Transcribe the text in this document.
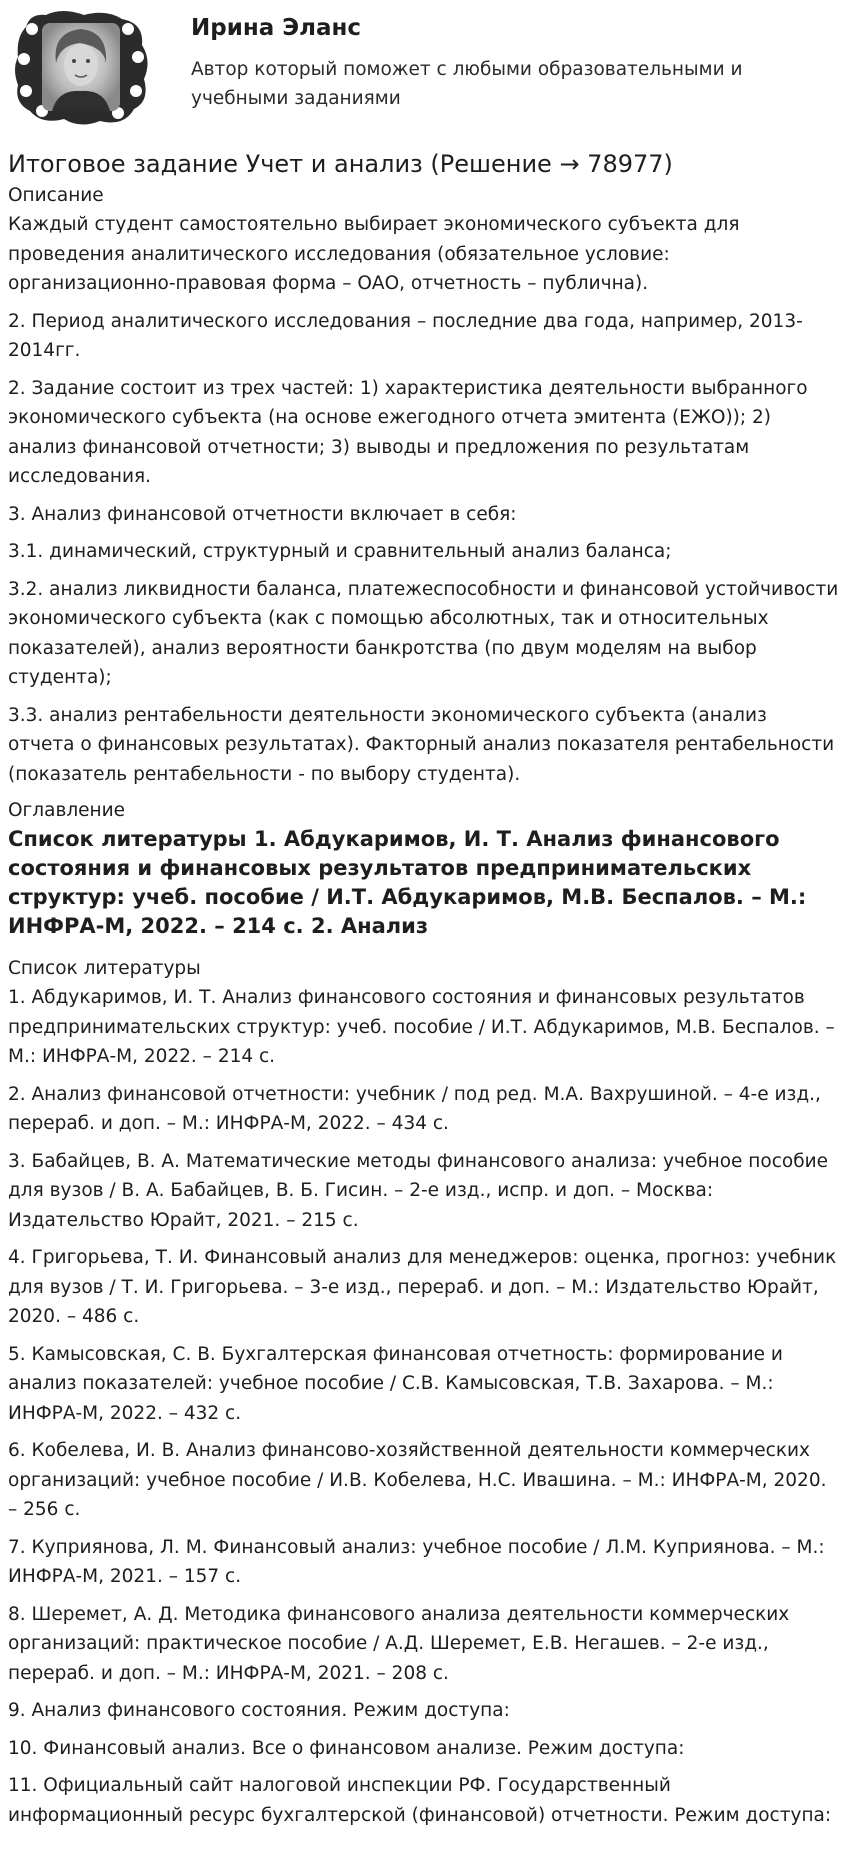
Ирина Эланс
Автор который поможет с любыми образовательными и учебными заданиями
Итоговое задание Учет и анализ (Решение → 78977)
Описание

Каждый студент самостоятельно выбирает экономического субъекта для проведения аналитического исследования (обязательное условие: организационно-правовая форма – ОАО, отчетность – публична).

2. Период аналитического исследования – последние два года, например, 2013-2014гг.

2. Задание состоит из трех частей: 1) характеристика деятельности выбранного экономического субъекта (на основе ежегодного отчета эмитента (ЕЖО)); 2) анализ финансовой отчетности; 3) выводы и предложения по результатам исследования.

3. Анализ финансовой отчетности включает в себя:

3.1. динамический, структурный и сравнительный анализ баланса;

3.2. анализ ликвидности баланса, платежеспособности и финансовой устойчивости экономического субъекта (как с помощью абсолютных, так и относительных показателей), анализ вероятности банкротства (по двум моделям на выбор студента);

3.3. анализ рентабельности деятельности экономического субъекта (анализ отчета о финансовых результатах). Факторный анализ показателя рентабельности (показатель рентабельности - по выбору студента).

Оглавление
Список литературы 1. Абдукаримов, И. Т. Анализ финансового состояния и финансовых результатов предпринимательских структур: учеб. пособие / И.Т. Абдукаримов, М.В. Беспалов. – М.: ИНФРА-М, 2022. – 214 с. 2. Анализ
Список литературы
1. Абдукаримов, И. Т. Анализ финансового состояния и финансовых результатов предпринимательских структур: учеб. пособие / И.Т. Абдукаримов, М.В. Беспалов. – М.: ИНФРА-М, 2022. – 214 с.
2. Анализ финансовой отчетности: учебник / под ред. М.А. Вахрушиной. – 4-е изд., перераб. и доп. – М.: ИНФРА-М, 2022. – 434 с.
3. Бабайцев, В. А. Математические методы финансового анализа: учебное пособие для вузов / В. А. Бабайцев, В. Б. Гисин. – 2-е изд., испр. и доп. – Москва: Издательство Юрайт, 2021. – 215 с.
4. Григорьева, Т. И. Финансовый анализ для менеджеров: оценка, прогноз: учебник для вузов / Т. И. Григорьева. – 3-е изд., перераб. и доп. – М.: Издательство Юрайт, 2020. – 486 с.
5. Камысовская, С. В. Бухгалтерская финансовая отчетность: формирование и анализ показателей: учебное пособие / С.В. Камысовская, Т.В. Захарова. – М.: ИНФРА-М, 2022. – 432 с.
6. Кобелева, И. В. Анализ финансово-хозяйственной деятельности коммерческих организаций: учебное пособие / И.В. Кобелева, Н.С. Ивашина. – М.: ИНФРА-М, 2020. – 256 с.
7. Куприянова, Л. М. Финансовый анализ: учебное пособие / Л.М. Куприянова. – М.: ИНФРА-М, 2021. – 157 с.
8. Шеремет, А. Д. Методика финансового анализа деятельности коммерческих организаций: практическое пособие / А.Д. Шеремет, Е.В. Негашев. – 2-е изд., перераб. и доп. – М.: ИНФРА-М, 2021. – 208 с.
9. Анализ финансового состояния. Режим доступа:
10. Финансовый анализ. Все о финансовом анализе. Режим доступа:
11. Официальный сайт налоговой инспекции РФ. Государственный информационный ресурс бухгалтерской (финансовой) отчетности. Режим доступа:
